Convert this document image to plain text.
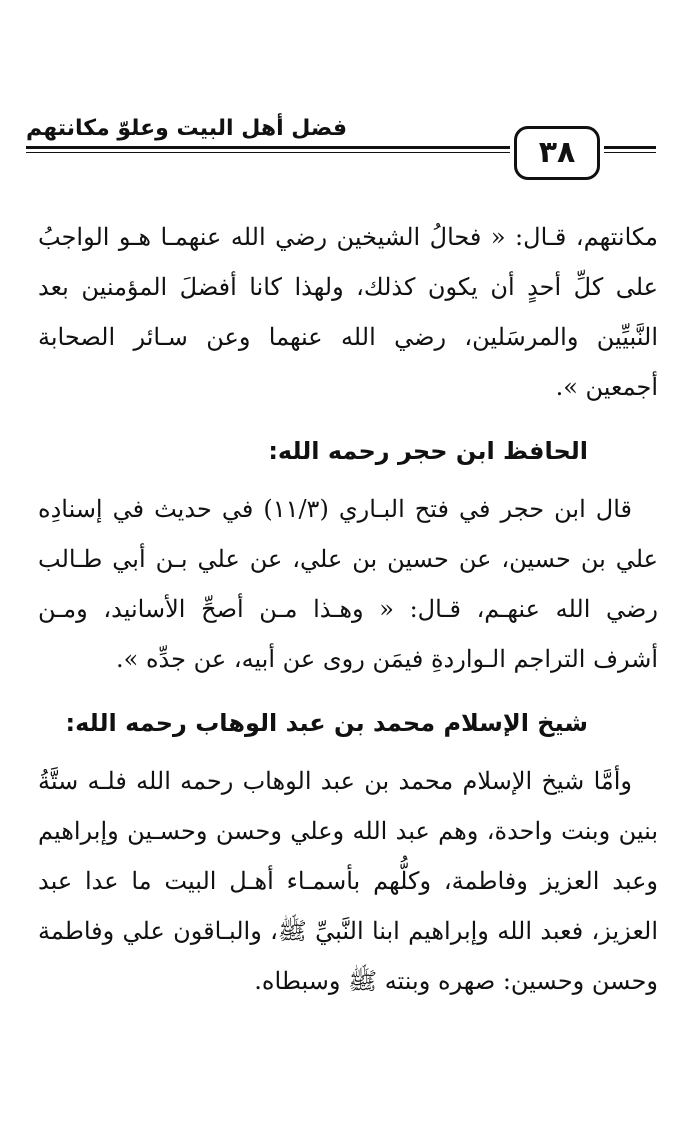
فضل أهل البيت وعلوّ مكانتهم
٣٨

مكانتهم، قـال: « فحالُ الشيخين رضي الله عنهمـا هـو الواجبُ على كلِّ أحدٍ أن يكون كذلك، ولهذا كانا أفضلَ المؤمنين بعد النَّبيِّين والمرسَلين، رضي الله عنهما وعن سـائر الصحابة أجمعين ».

الحافظ ابن حجر رحمه الله:

قال ابن حجر في فتح البـاري (١١/٣) في حديث في إسنادِه علي بن حسين، عن حسين بن علي، عن علي بـن أبي طـالب رضي الله عنهـم، قـال: « وهـذا مـن أصحِّ الأسانيد، ومـن أشرف التراجم الـواردةِ فيمَن روى عن أبيه، عن جدِّه ».

شيخ الإسلام محمد بن عبد الوهاب رحمه الله:

وأمَّا شيخ الإسلام محمد بن عبد الوهاب رحمه الله فلـه ستَّةُ بنين وبنت واحدة، وهم عبد الله وعلي وحسن وحسـين وإبراهيم وعبد العزيز وفاطمة، وكلُّهم بأسمـاء أهـل البيت ما عدا عبد العزيز، فعبد الله وإبراهيم ابنا النَّبيِّ ﷺ، والبـاقون علي وفاطمة وحسن وحسين: صهره وبنته ﷺ وسبطاه.
